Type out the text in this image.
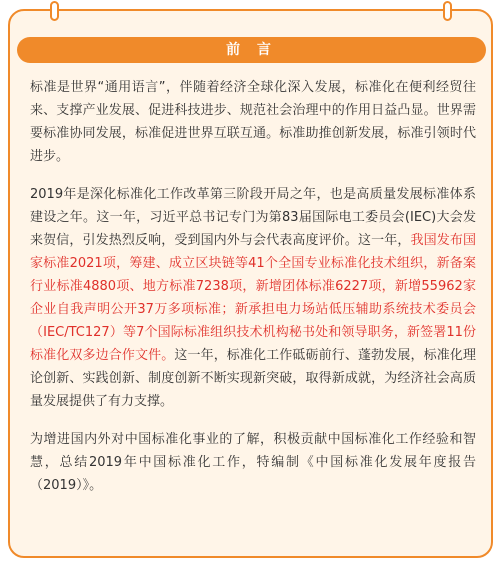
前 言

标准是世界“通用语言”，伴随着经济全球化深入发展，标准化在便利经贸往来、支撑产业发展、促进科技进步、规范社会治理中的作用日益凸显。世界需要标准协同发展，标准促进世界互联互通。标准助推创新发展，标准引领时代进步。

2019年是深化标准化工作改革第三阶段开局之年，也是高质量发展标准体系建设之年。这一年，习近平总书记专门为第83届国际电工委员会(IEC)大会发来贺信，引发热烈反响，受到国内外与会代表高度评价。这一年，我国发布国家标准2021项，筹建、成立区块链等41个全国专业标准化技术组织，新备案行业标准4880项、地方标准7238项，新增团体标准6227项，新增55962家企业自我声明公开37万多项标准；新承担电力场站低压辅助系统技术委员会（IEC/TC127）等7个国际标准组织技术机构秘书处和领导职务，新签署11份标准化双多边合作文件。这一年，标准化工作砥砺前行、蓬勃发展，标准化理论创新、实践创新、制度创新不断实现新突破，取得新成就，为经济社会高质量发展提供了有力支撑。

为增进国内外对中国标准化事业的了解，积极贡献中国标准化工作经验和智慧，总结2019年中国标准化工作，特编制《中国标准化发展年度报告（2019）》。
